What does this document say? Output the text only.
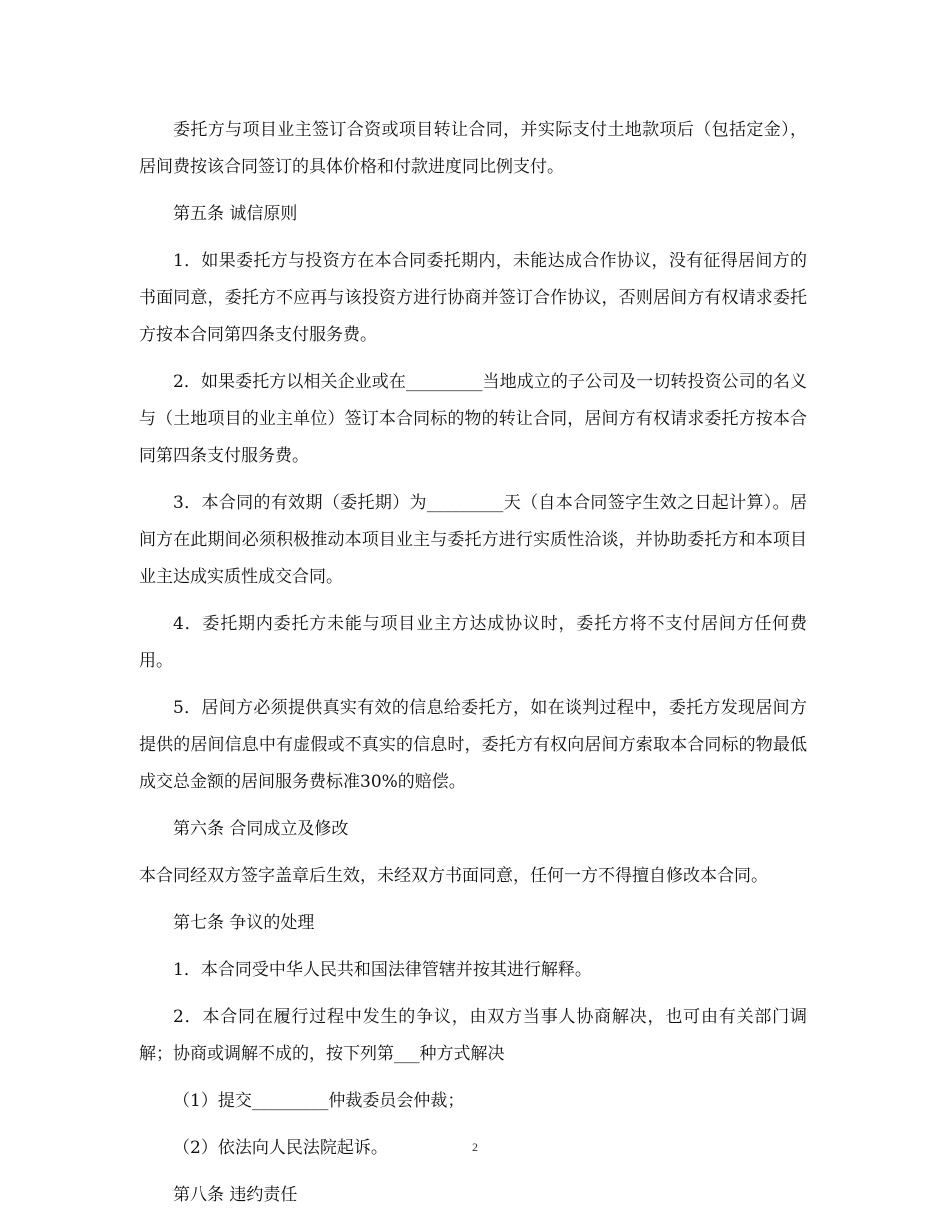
委托方与项目业主签订合资或项目转让合同，并实际支付土地款项后（包括定金），居间费按该合同签订的具体价格和付款进度同比例支付。

第五条 诚信原则

1．如果委托方与投资方在本合同委托期内，未能达成合作协议，没有征得居间方的书面同意，委托方不应再与该投资方进行协商并签订合作协议，否则居间方有权请求委托方按本合同第四条支付服务费。

2．如果委托方以相关企业或在_________当地成立的子公司及一切转投资公司的名义与（土地项目的业主单位）签订本合同标的物的转让合同，居间方有权请求委托方按本合同第四条支付服务费。

3．本合同的有效期（委托期）为_________天（自本合同签字生效之日起计算）。居间方在此期间必须积极推动本项目业主与委托方进行实质性洽谈，并协助委托方和本项目业主达成实质性成交合同。

4．委托期内委托方未能与项目业主方达成协议时，委托方将不支付居间方任何费用。

5．居间方必须提供真实有效的信息给委托方，如在谈判过程中，委托方发现居间方提供的居间信息中有虚假或不真实的信息时，委托方有权向居间方索取本合同标的物最低成交总金额的居间服务费标准30%的赔偿。

第六条 合同成立及修改

本合同经双方签字盖章后生效，未经双方书面同意，任何一方不得擅自修改本合同。

第七条 争议的处理

1．本合同受中华人民共和国法律管辖并按其进行解释。

2．本合同在履行过程中发生的争议，由双方当事人协商解决，也可由有关部门调解；协商或调解不成的，按下列第___种方式解决

（1）提交_________仲裁委员会仲裁；

（2）依法向人民法院起诉。

第八条 违约责任

2
